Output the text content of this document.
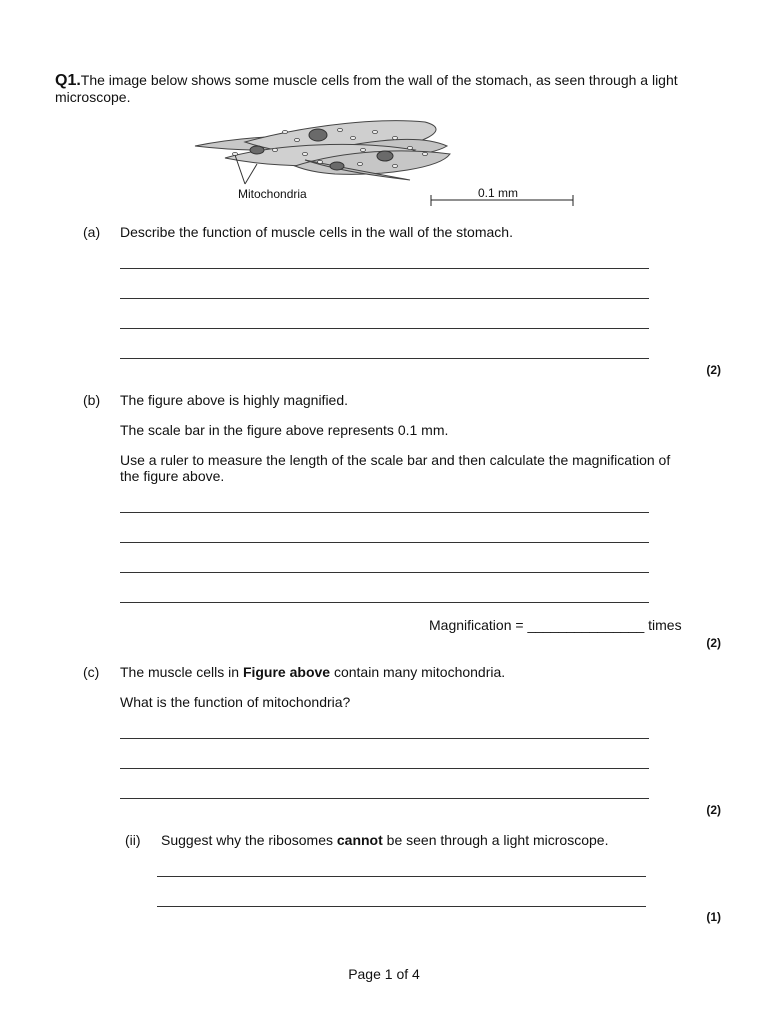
Q1.The image below shows some muscle cells from the wall of the stomach, as seen through a light
microscope.
Mitochondria	0.1 mm
(a) Describe the function of muscle cells in the wall of the stomach.
(2)
(b) The figure above is highly magnified.
The scale bar in the figure above represents 0.1 mm.
Use a ruler to measure the length of the scale bar and then calculate the magnification of
the figure above.
Magnification = _______________ times
(2)
(c) The muscle cells in Figure above contain many mitochondria.
What is the function of mitochondria?
(2)
(ii) Suggest why the ribosomes cannot be seen through a light microscope.
(1)
Page 1 of 4
